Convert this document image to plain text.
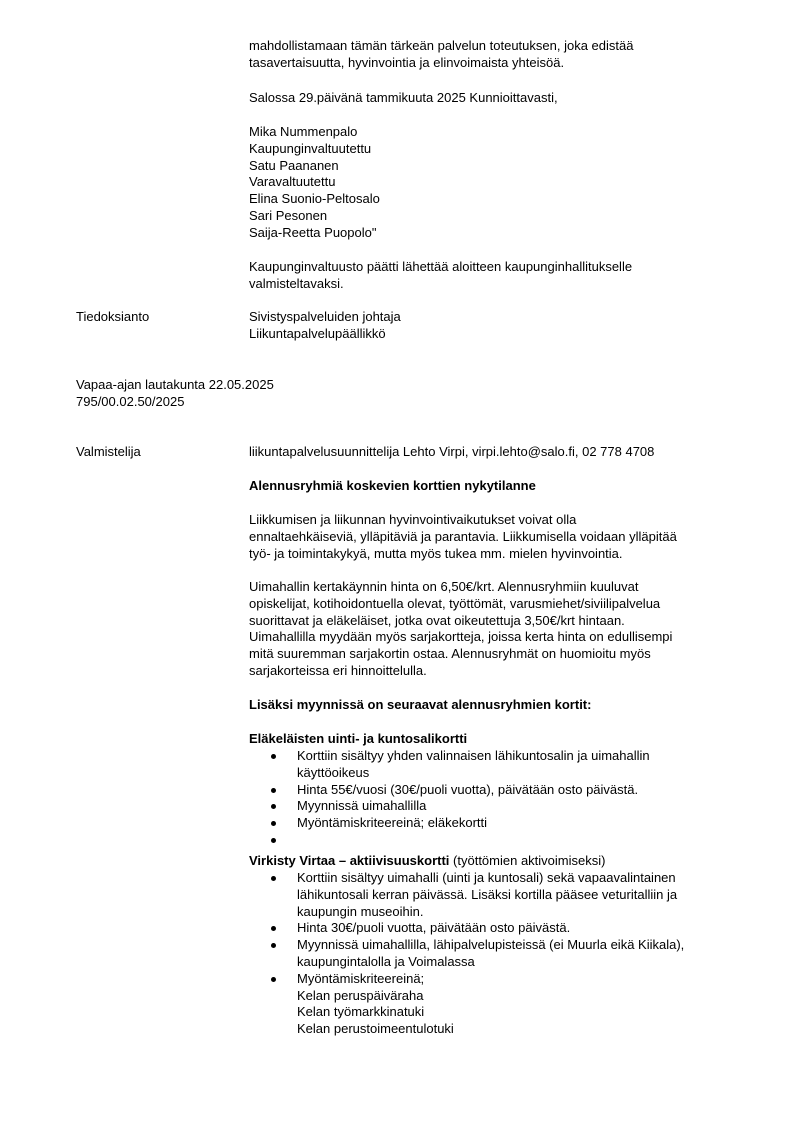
mahdollistamaan tämän tärkeän palvelun toteutuksen, joka edistää
tasavertaisuutta, hyvinvointia ja elinvoimaista yhteisöä.

Salossa 29.päivänä tammikuuta 2025 Kunnioittavasti,

Mika Nummenpalo
Kaupunginvaltuutettu
Satu Paananen
Varavaltuutettu
Elina Suonio-Peltosalo
Sari Pesonen
Saija-Reetta Puopolo"

Kaupunginvaltuusto päätti lähettää aloitteen kaupunginhallitukselle
valmisteltavaksi.

Tiedoksianto	Sivistyspalveluiden johtaja
Liikuntapalvelupäällikkö

Vapaa-ajan lautakunta 22.05.2025
795/00.02.50/2025
Valmistelija	liikuntapalvelusuunnittelija Lehto Virpi, virpi.lehto@salo.fi, 02 778 4708
Alennusryhmiä koskevien korttien nykytilanne

Liikkumisen ja liikunnan hyvinvointivaikutukset voivat olla
ennaltaehkäiseviä, ylläpitäviä ja parantavia. Liikkumisella voidaan ylläpitää
työ- ja toimintakykyä, mutta myös tukea mm. mielen hyvinvointia.

Uimahallin kertakäynnin hinta on 6,50€/krt. Alennusryhmiin kuuluvat
opiskelijat, kotihoidontuella olevat, työttömät, varusmiehet/siviilipalvelua
suorittavat ja eläkeläiset, jotka ovat oikeutettuja 3,50€/krt hintaan.
Uimahallilla myydään myös sarjakortteja, joissa kerta hinta on edullisempi
mitä suuremman sarjakortin ostaa. Alennusryhmät on huomioitu myös
sarjakorteissa eri hinnoittelulla.

Lisäksi myynnissä on seuraavat alennusryhmien kortit:
Eläkeläisten uinti- ja kuntosalikortti
Korttiin sisältyy yhden valinnaisen lähikuntosalin ja uimahallin
käyttöoikeus
Hinta 55€/vuosi (30€/puoli vuotta), päivätään osto päivästä.
Myynnissä uimahallilla
Myöntämiskriteereinä; eläkekortti
Virkisty Virtaa – aktiivisuuskortti (työttömien aktivoimiseksi)
Korttiin sisältyy uimahalli (uinti ja kuntosali) sekä vapaavalintainen
lähikuntosali kerran päivässä. Lisäksi kortilla pääsee veturitalliin ja
kaupungin museoihin.
Hinta 30€/puoli vuotta, päivätään osto päivästä.
Myynnissä uimahallilla, lähipalvelupisteissä (ei Muurla eikä Kiikala),
kaupungintalolla ja Voimalassa
Myöntämiskriteereinä;
Kelan peruspäiväraha
Kelan työmarkkinatuki
Kelan perustoimeentulotuki
